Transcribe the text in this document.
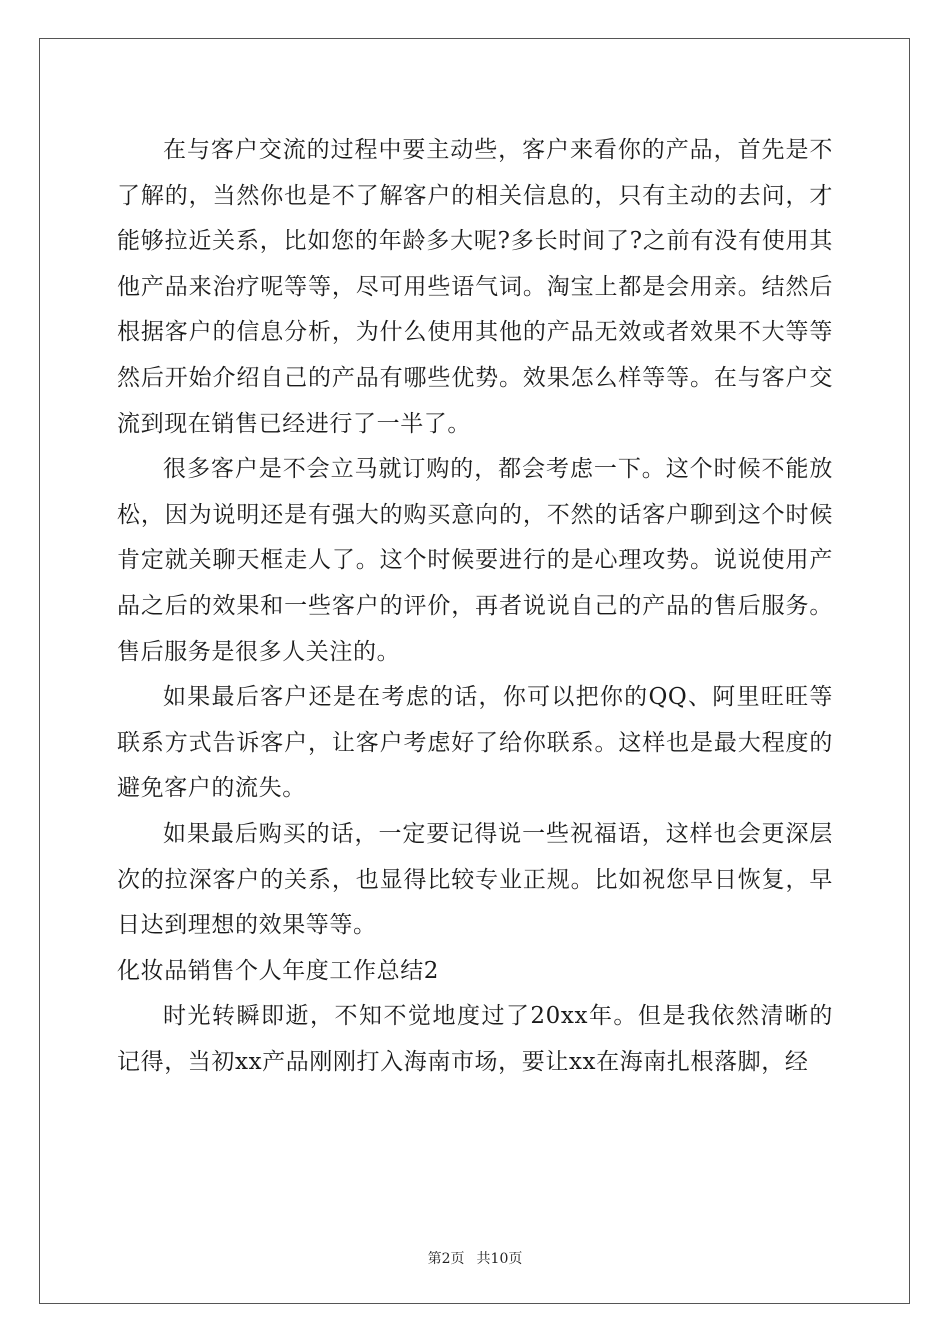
在与客户交流的过程中要主动些，客户来看你的产品，首先是不了解的，当然你也是不了解客户的相关信息的，只有主动的去问，才能够拉近关系，比如您的年龄多大呢?多长时间了?之前有没有使用其他产品来治疗呢等等，尽可用些语气词。淘宝上都是会用亲。结然后根据客户的信息分析，为什么使用其他的产品无效或者效果不大等等然后开始介绍自己的产品有哪些优势。效果怎么样等等。在与客户交流到现在销售已经进行了一半了。

很多客户是不会立马就订购的，都会考虑一下。这个时候不能放松，因为说明还是有强大的购买意向的，不然的话客户聊到这个时候肯定就关聊天框走人了。这个时候要进行的是心理攻势。说说使用产品之后的效果和一些客户的评价，再者说说自己的产品的售后服务。售后服务是很多人关注的。

如果最后客户还是在考虑的话，你可以把你的QQ、阿里旺旺等联系方式告诉客户，让客户考虑好了给你联系。这样也是最大程度的避免客户的流失。

如果最后购买的话，一定要记得说一些祝福语，这样也会更深层次的拉深客户的关系，也显得比较专业正规。比如祝您早日恢复，早日达到理想的效果等等。

化妆品销售个人年度工作总结2

时光转瞬即逝，不知不觉地度过了20xx年。但是我依然清晰的记得，当初xx产品刚刚打入海南市场，要让xx在海南扎根落脚，经

第2页 共10页
